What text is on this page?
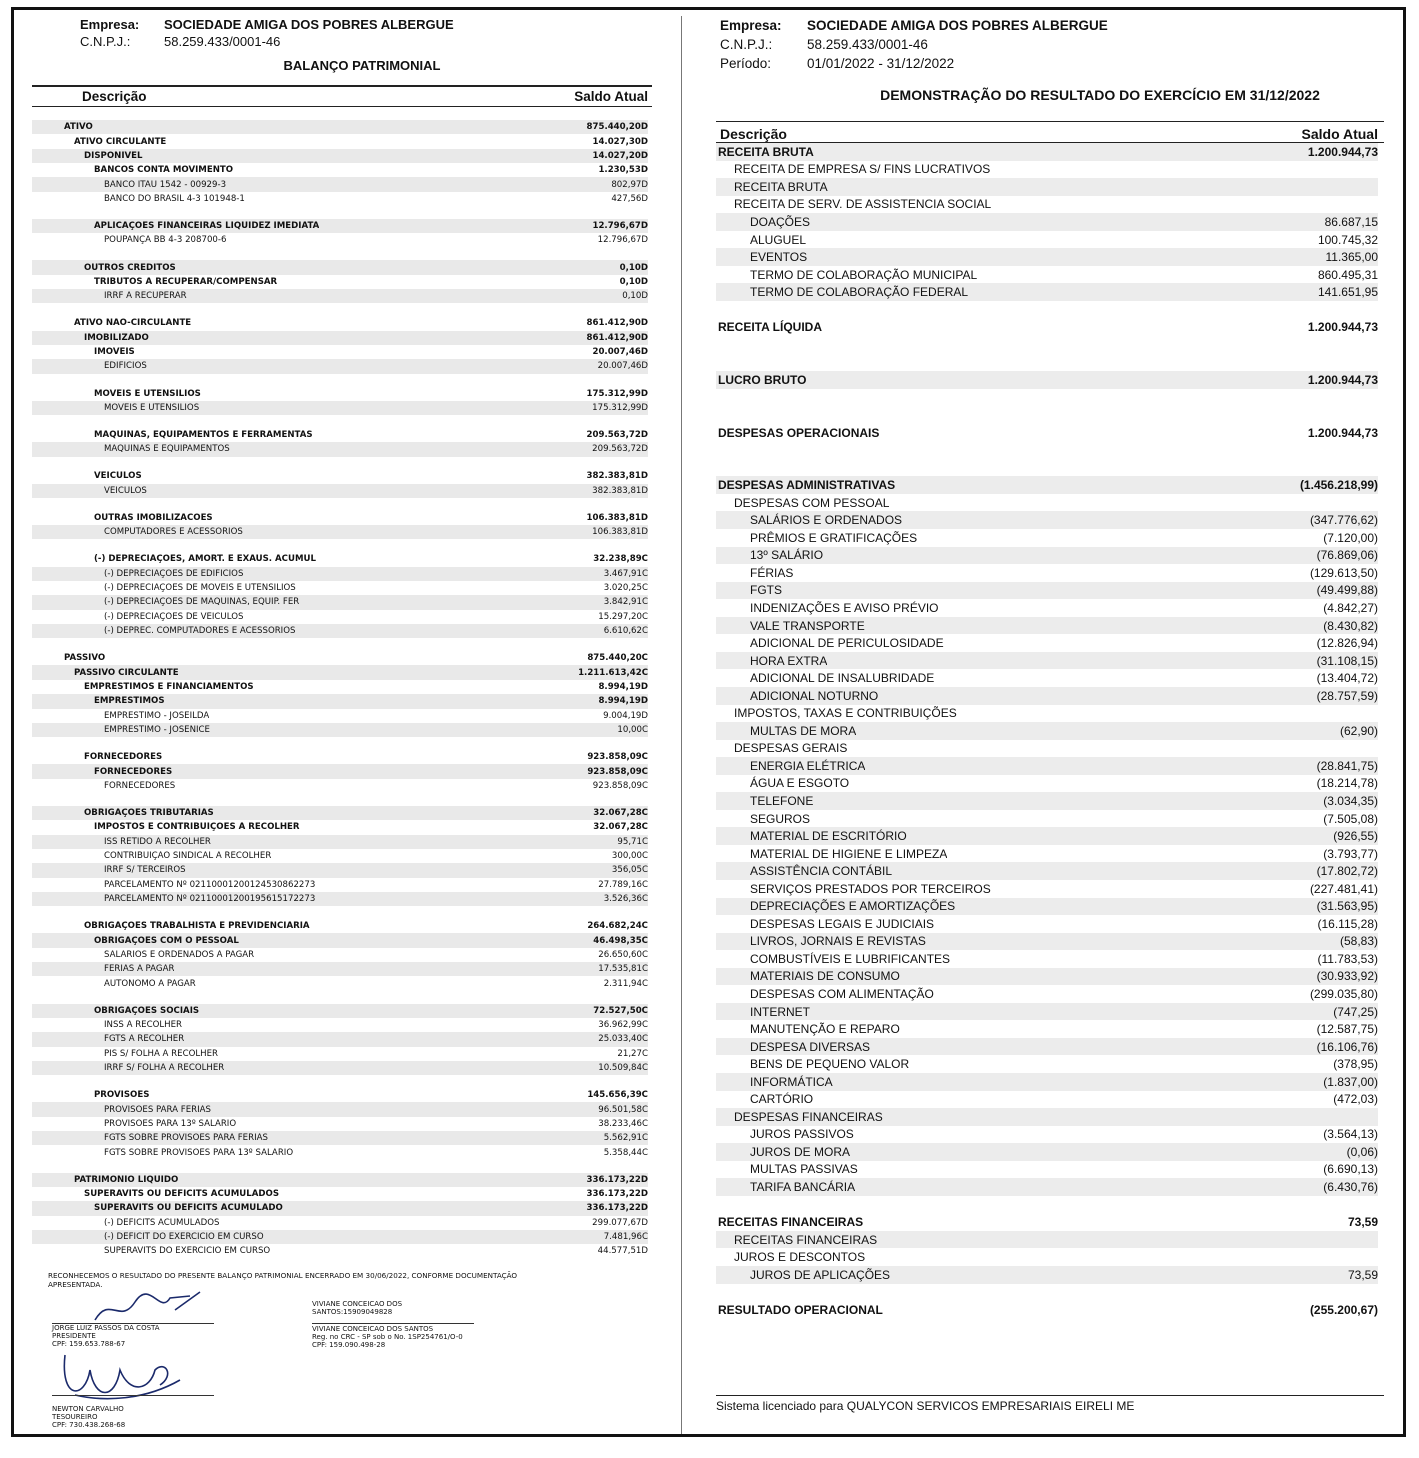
Empresa:	SOCIEDADE AMIGA DOS POBRES ALBERGUE
C.N.P.J.:	58.259.433/0001-46
BALANÇO PATRIMONIAL
Descrição	Saldo Atual
ATIVO	875.440,20D
ATIVO CIRCULANTE	14.027,30D
DISPONÍVEL	14.027,20D
BANCOS CONTA MOVIMENTO	1.230,53D
BANCO ITAÚ 1542 - 00929-3	802,97D
BANCO DO BRASIL 4-3 101948-1	427,56D
APLICAÇÕES FINANCEIRAS LIQUIDEZ IMEDIATA	12.796,67D
POUPANÇA BB 4-3 208700-6	12.796,67D
OUTROS CRÉDITOS	0,10D
TRIBUTOS A RECUPERAR/COMPENSAR	0,10D
IRRF A RECUPERAR	0,10D
ATIVO NÃO-CIRCULANTE	861.412,90D
IMOBILIZADO	861.412,90D
IMÓVEIS	20.007,46D
EDIFÍCIOS	20.007,46D
MÓVEIS E UTENSÍLIOS	175.312,99D
MÓVEIS E UTENSÍLIOS	175.312,99D
MÁQUINAS, EQUIPAMENTOS E FERRAMENTAS	209.563,72D
MÁQUINAS E EQUIPAMENTOS	209.563,72D
VEÍCULOS	382.383,81D
VEÍCULOS	382.383,81D
OUTRAS IMOBILIZACOES	106.383,81D
COMPUTADORES E ACESSÓRIOS	106.383,81D
(-) DEPRECIAÇÕES, AMORT. E EXAUS. ACUMUL	32.238,89C
(-) DEPRECIAÇÕES DE EDIFÍCIOS	3.467,91C
(-) DEPRECIAÇÕES DE MÓVEIS E UTENSÍLIOS	3.020,25C
(-) DEPRECIAÇÕES DE MÁQUINAS, EQUIP. FER	3.842,91C
(-) DEPRECIAÇÕES DE VEÍCULOS	15.297,20C
(-) DEPREC. COMPUTADORES E ACESSORIOS	6.610,62C
PASSIVO	875.440,20C
PASSIVO CIRCULANTE	1.211.613,42C
EMPRÉSTIMOS E FINANCIAMENTOS	8.994,19D
EMPRÉSTIMOS	8.994,19D
EMPRESTIMO - JOSEILDA	9.004,19D
EMPRESTIMO - JOSENICE	10,00C
FORNECEDORES	923.858,09C
FORNECEDORES	923.858,09C
FORNECEDORES	923.858,09C
OBRIGAÇÕES TRIBUTÁRIAS	32.067,28C
IMPOSTOS E CONTRIBUIÇÕES A RECOLHER	32.067,28C
ISS RETIDO A RECOLHER	95,71C
CONTRIBUIÇÃO SINDICAL A RECOLHER	300,00C
IRRF S/ TERCEIROS	356,05C
PARCELAMENTO Nº 02110001200124530862273	27.789,16C
PARCELAMENTO Nº 02110001200195615172273	3.526,36C
OBRIGAÇÕES TRABALHISTA E PREVIDENCIÁRIA	264.682,24C
OBRIGAÇÕES COM O PESSOAL	46.498,35C
SALÁRIOS E ORDENADOS A PAGAR	26.650,60C
FERIAS A PAGAR	17.535,81C
AUTÔNOMO A PAGAR	2.311,94C
OBRIGAÇÕES SOCIAIS	72.527,50C
INSS A RECOLHER	36.962,99C
FGTS A RECOLHER	25.033,40C
PIS S/ FOLHA A RECOLHER	21,27C
IRRF S/ FOLHA A RECOLHER	10.509,84C
PROVISÕES	145.656,39C
PROVISÕES PARA FÉRIAS	96.501,58C
PROVISÕES PARA 13º SALÁRIO	38.233,46C
FGTS SOBRE PROVISÕES PARA FÉRIAS	5.562,91C
FGTS SOBRE PROVISÕES PARA 13º SALÁRIO	5.358,44C
PATRIMÔNIO LÍQUIDO	336.173,22D
SUPERÁVITS OU DÉFICITS ACUMULADOS	336.173,22D
SUPERÁVITS OU DÉFICITS ACUMULADO	336.173,22D
(-) DÉFICITS ACUMULADOS	299.077,67D
(-) DEFICIT DO EXERCÍCIO EM CURSO	7.481,96C
SUPERÁVITS DO EXERCÍCIO EM CURSO	44.577,51D
RECONHECEMOS O RESULTADO DO PRESENTE BALANÇO PATRIMONIAL ENCERRADO EM 30/06/2022, CONFORME DOCUMENTAÇÃO APRESENTADA.
JORGE LUIZ PASSOS DA COSTA
PRESIDENTE
CPF: 159.653.788-67
NEWTON CARVALHO
TESOUREIRO
CPF: 730.438.268-68
VIVIANE CONCEICAO DOS SANTOS:15909049828
VIVIANE CONCEICAO DOS SANTOS
Reg. no CRC - SP sob o No. 1SP254761/O-0
CPF: 159.090.498-28
Empresa:	SOCIEDADE AMIGA DOS POBRES ALBERGUE
C.N.P.J.:	58.259.433/0001-46
Período:	01/01/2022 - 31/12/2022
DEMONSTRAÇÃO DO RESULTADO DO EXERCÍCIO EM 31/12/2022
Descrição	Saldo Atual
RECEITA BRUTA	1.200.944,73
RECEITA DE EMPRESA S/ FINS LUCRATIVOS
RECEITA BRUTA
RECEITA DE SERV. DE ASSISTENCIA SOCIAL
DOAÇÕES	86.687,15
ALUGUEL	100.745,32
EVENTOS	11.365,00
TERMO DE COLABORAÇÃO MUNICIPAL	860.495,31
TERMO DE COLABORAÇÃO FEDERAL	141.651,95
RECEITA LÍQUIDA	1.200.944,73
LUCRO BRUTO	1.200.944,73
DESPESAS OPERACIONAIS	1.200.944,73
DESPESAS ADMINISTRATIVAS	(1.456.218,99)
DESPESAS COM PESSOAL
SALÁRIOS E ORDENADOS	(347.776,62)
PRÊMIOS E GRATIFICAÇÕES	(7.120,00)
13º SALÁRIO	(76.869,06)
FÉRIAS	(129.613,50)
FGTS	(49.499,88)
INDENIZAÇÕES E AVISO PRÉVIO	(4.842,27)
VALE TRANSPORTE	(8.430,82)
ADICIONAL DE PERICULOSIDADE	(12.826,94)
HORA EXTRA	(31.108,15)
ADICIONAL DE INSALUBRIDADE	(13.404,72)
ADICIONAL NOTURNO	(28.757,59)
IMPOSTOS, TAXAS E CONTRIBUIÇÕES
MULTAS DE MORA	(62,90)
DESPESAS GERAIS
ENERGIA ELÉTRICA	(28.841,75)
ÁGUA E ESGOTO	(18.214,78)
TELEFONE	(3.034,35)
SEGUROS	(7.505,08)
MATERIAL DE ESCRITÓRIO	(926,55)
MATERIAL DE HIGIENE E LIMPEZA	(3.793,77)
ASSISTÊNCIA CONTÁBIL	(17.802,72)
SERVIÇOS PRESTADOS POR TERCEIROS	(227.481,41)
DEPRECIAÇÕES E AMORTIZAÇÕES	(31.563,95)
DESPESAS LEGAIS E JUDICIAIS	(16.115,28)
LIVROS, JORNAIS E REVISTAS	(58,83)
COMBUSTÍVEIS E LUBRIFICANTES	(11.783,53)
MATERIAIS DE CONSUMO	(30.933,92)
DESPESAS COM ALIMENTAÇÃO	(299.035,80)
INTERNET	(747,25)
MANUTENÇÃO E REPARO	(12.587,75)
DESPESA DIVERSAS	(16.106,76)
BENS DE PEQUENO VALOR	(378,95)
INFORMÁTICA	(1.837,00)
CARTÓRIO	(472,03)
DESPESAS FINANCEIRAS
JUROS PASSIVOS	(3.564,13)
JUROS DE MORA	(0,06)
MULTAS PASSIVAS	(6.690,13)
TARIFA BANCÁRIA	(6.430,76)
RECEITAS FINANCEIRAS	73,59
RECEITAS FINANCEIRAS
JUROS E DESCONTOS
JUROS DE APLICAÇÕES	73,59
RESULTADO OPERACIONAL	(255.200,67)
Sistema licenciado para QUALYCON SERVICOS EMPRESARIAIS EIRELI ME
